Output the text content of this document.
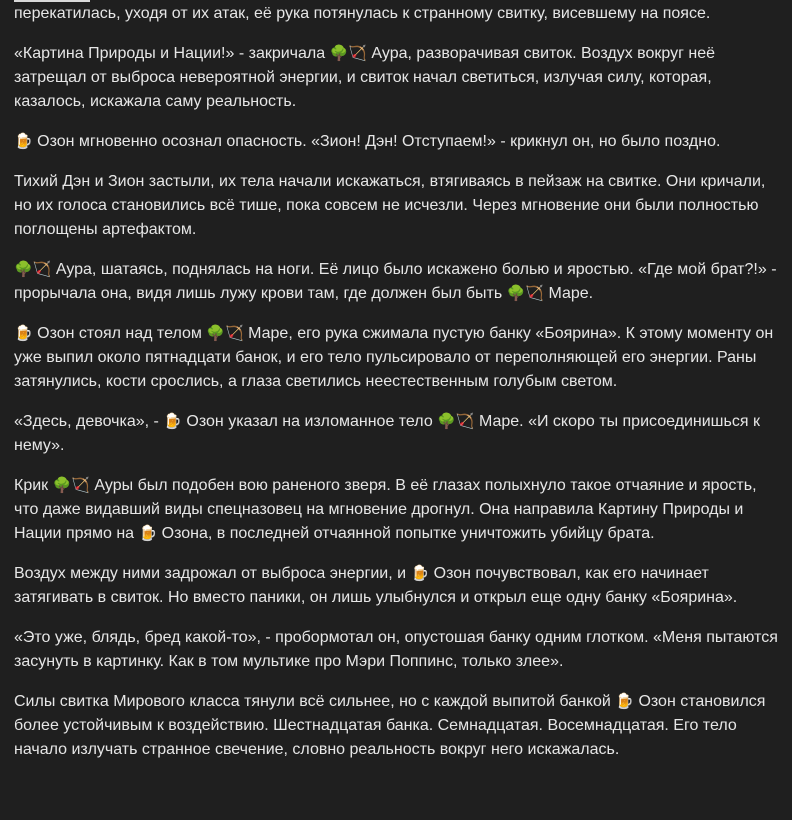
перекатилась, уходя от их атак, её рука потянулась к странному свитку, висевшему на поясе.

«Картина Природы и Нации!» - закричала 🌳🏹 Аура, разворачивая свиток. Воздух вокруг неё затрещал от выброса невероятной энергии, и свиток начал светиться, излучая силу, которая, казалось, искажала саму реальность.

🍺 Озон мгновенно осознал опасность. «Зион! Дэн! Отступаем!» - крикнул он, но было поздно.

Тихий Дэн и Зион застыли, их тела начали искажаться, втягиваясь в пейзаж на свитке. Они кричали, но их голоса становились всё тише, пока совсем не исчезли. Через мгновение они были полностью поглощены артефактом.

🌳🏹 Аура, шатаясь, поднялась на ноги. Её лицо было искажено болью и яростью. «Где мой брат?!» - прорычала она, видя лишь лужу крови там, где должен был быть 🌳🏹 Маре.

🍺 Озон стоял над телом 🌳🏹 Маре, его рука сжимала пустую банку «Боярина». К этому моменту он уже выпил около пятнадцати банок, и его тело пульсировало от переполняющей его энергии. Раны затянулись, кости срослись, а глаза светились неестественным голубым светом.

«Здесь, девочка», - 🍺 Озон указал на изломанное тело 🌳🏹 Маре. «И скоро ты присоединишься к нему».

Крик 🌳🏹 Ауры был подобен вою раненого зверя. В её глазах полыхнуло такое отчаяние и ярость, что даже видавший виды спецназовец на мгновение дрогнул. Она направила Картину Природы и Нации прямо на 🍺 Озона, в последней отчаянной попытке уничтожить убийцу брата.

Воздух между ними задрожал от выброса энергии, и 🍺 Озон почувствовал, как его начинает затягивать в свиток. Но вместо паники, он лишь улыбнулся и открыл еще одну банку «Боярина».

«Это уже, блядь, бред какой-то», - пробормотал он, опустошая банку одним глотком. «Меня пытаются засунуть в картинку. Как в том мультике про Мэри Поппинс, только злее».

Силы свитка Мирового класса тянули всё сильнее, но с каждой выпитой банкой 🍺 Озон становился более устойчивым к воздействию. Шестнадцатая банка. Семнадцатая. Восемнадцатая. Его тело начало излучать странное свечение, словно реальность вокруг него искажалась.
